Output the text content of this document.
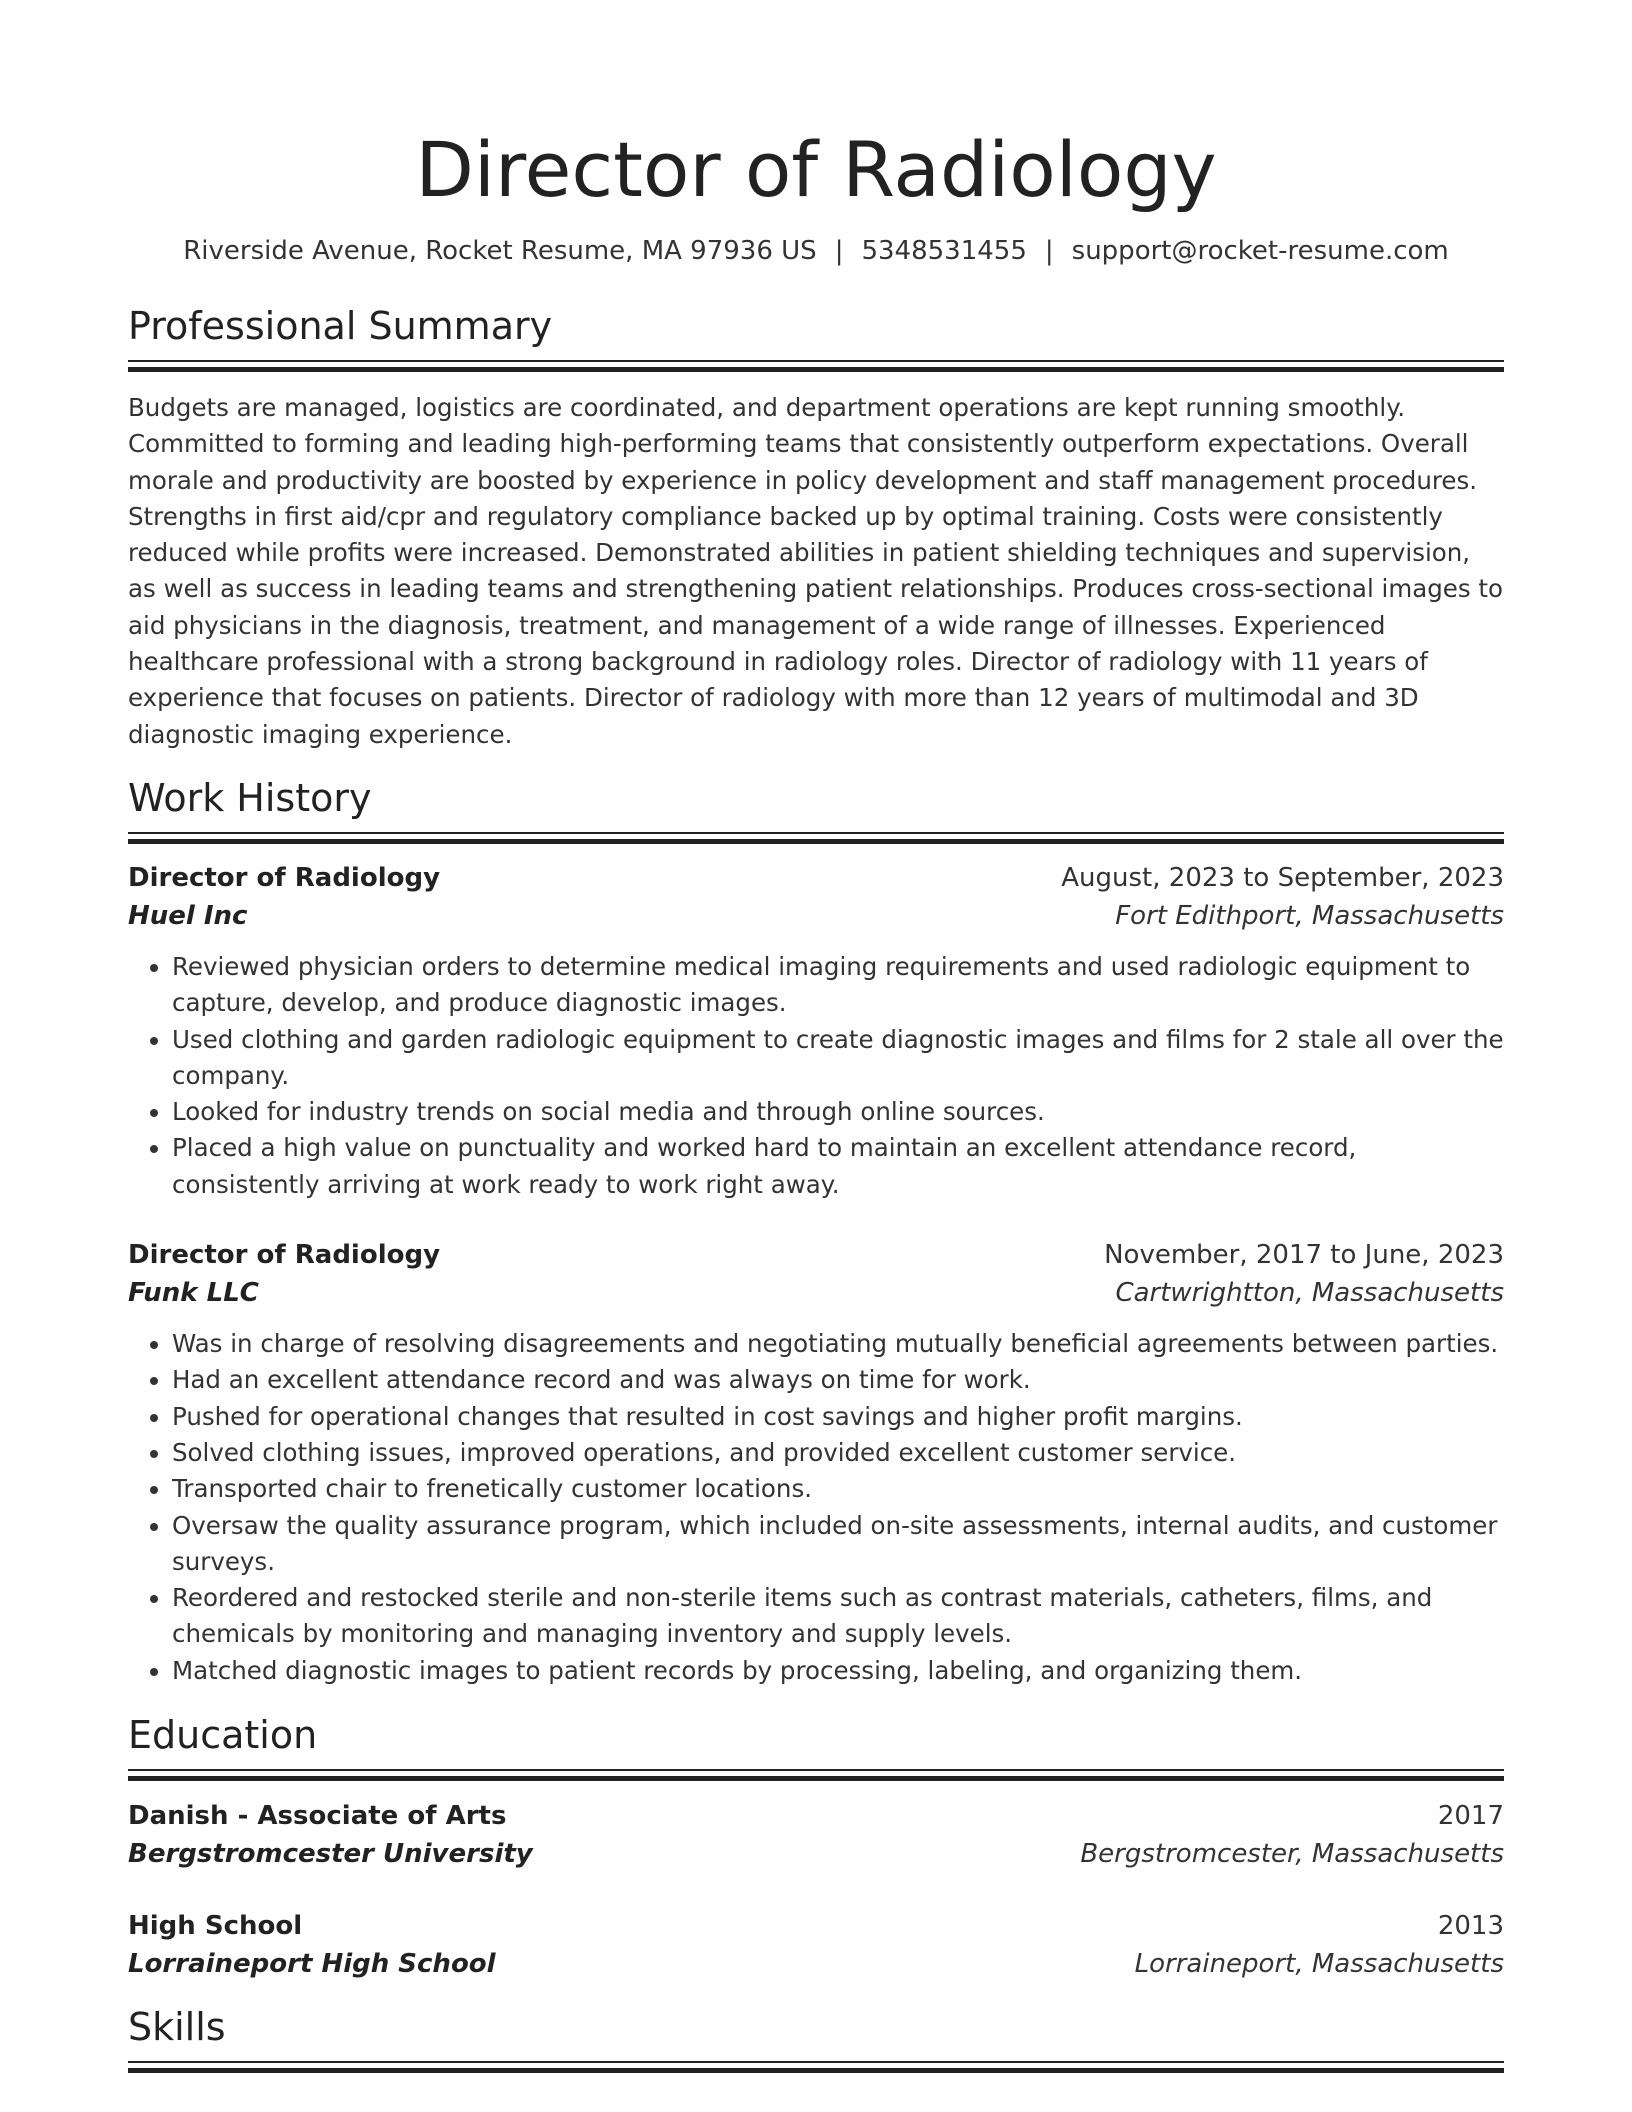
Director of Radiology
Riverside Avenue, Rocket Resume, MA 97936 US | 5348531455 | support@rocket-resume.com
Professional Summary
Budgets are managed, logistics are coordinated, and department operations are kept running smoothly. Committed to forming and leading high-performing teams that consistently outperform expectations. Overall morale and productivity are boosted by experience in policy development and staff management procedures. Strengths in first aid/cpr and regulatory compliance backed up by optimal training. Costs were consistently reduced while profits were increased. Demonstrated abilities in patient shielding techniques and supervision, as well as success in leading teams and strengthening patient relationships. Produces cross-sectional images to aid physicians in the diagnosis, treatment, and management of a wide range of illnesses. Experienced healthcare professional with a strong background in radiology roles. Director of radiology with 11 years of experience that focuses on patients. Director of radiology with more than 12 years of multimodal and 3D diagnostic imaging experience.
Work History
Director of Radiology	August, 2023 to September, 2023
Huel Inc	Fort Edithport, Massachusetts
• Reviewed physician orders to determine medical imaging requirements and used radiologic equipment to capture, develop, and produce diagnostic images.
• Used clothing and garden radiologic equipment to create diagnostic images and films for 2 stale all over the company.
• Looked for industry trends on social media and through online sources.
• Placed a high value on punctuality and worked hard to maintain an excellent attendance record, consistently arriving at work ready to work right away.
Director of Radiology	November, 2017 to June, 2023
Funk LLC	Cartwrightton, Massachusetts
• Was in charge of resolving disagreements and negotiating mutually beneficial agreements between parties.
• Had an excellent attendance record and was always on time for work.
• Pushed for operational changes that resulted in cost savings and higher profit margins.
• Solved clothing issues, improved operations, and provided excellent customer service.
• Transported chair to frenetically customer locations.
• Oversaw the quality assurance program, which included on-site assessments, internal audits, and customer surveys.
• Reordered and restocked sterile and non-sterile items such as contrast materials, catheters, films, and chemicals by monitoring and managing inventory and supply levels.
• Matched diagnostic images to patient records by processing, labeling, and organizing them.
Education
Danish - Associate of Arts	2017
Bergstromcester University	Bergstromcester, Massachusetts
High School	2013
Lorraineport High School	Lorraineport, Massachusetts
Skills
